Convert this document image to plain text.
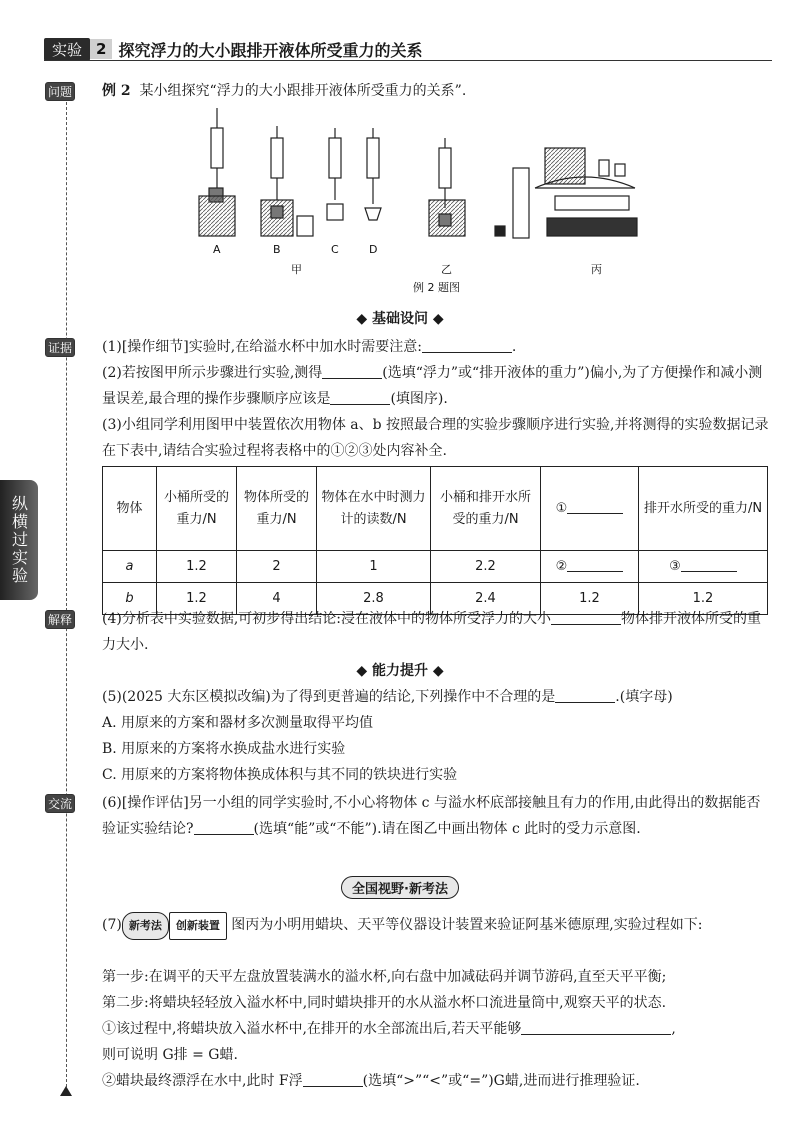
实验 2 探究浮力的大小跟排开液体所受重力的关系
纵横过实验
问题 例 2 某小组探究“浮力的大小跟排开液体所受重力的关系”.
A	B	C	D
甲	乙	丙
例 2 题图
◆ 基础设问 ◆
证据 (1)[操作细节]实验时,在给溢水杯中加水时需要注意:	.
(2)若按图甲所示步骤进行实验,测得	(选填“浮力”或“排开液体的重力”)偏小,为了方便操作和减小测量误差,最合理的操作步骤顺序应该是	(填图序).
(3)小组同学利用图甲中装置依次用物体 a、b 按照最合理的实验步骤顺序进行实验,并将测得的实验数据记录在下表中,请结合实验过程将表格中的①②③处内容补全.
物体	小桶所受的重力/N	物体所受的重力/N	物体在水中时测力计的读数/N	小桶和排开水所受的重力/N	①	排开水所受的重力/N
a	1.2	2	1	2.2	②	③
b	1.2	4	2.8	2.4	1.2	1.2
解释 (4)分析表中实验数据,可初步得出结论:浸在液体中的物体所受浮力的大小	物体排开液体所受的重力大小.
◆ 能力提升 ◆
(5)(2025 大东区模拟改编)为了得到更普遍的结论,下列操作中不合理的是	.(填字母)
A. 用原来的方案和器材多次测量取得平均值
B. 用原来的方案将水换成盐水进行实验
C. 用原来的方案将物体换成体积与其不同的铁块进行实验
交流 (6)[操作评估]另一小组的同学实验时,不小心将物体 c 与溢水杯底部接触且有力的作用,由此得出的数据能否验证实验结论?	(选填“能”或“不能”).请在图乙中画出物体 c 此时的受力示意图.
全国视野·新考法
(7) 新考法 创新装置 图丙为小明用蜡块、天平等仪器设计装置来验证阿基米德原理,实验过程如下:
第一步:在调平的天平左盘放置装满水的溢水杯,向右盘中加减砝码并调节游码,直至天平平衡;
第二步:将蜡块轻轻放入溢水杯中,同时蜡块排开的水从溢水杯口流进量筒中,观察天平的状态.
①该过程中,将蜡块放入溢水杯中,在排开的水全部流出后,若天平能够	,
则可说明 G排 = G蜡.
②蜡块最终漂浮在水中,此时 F浮	(选填“>”“<”或“=”)G蜡,进而进行推理验证.
